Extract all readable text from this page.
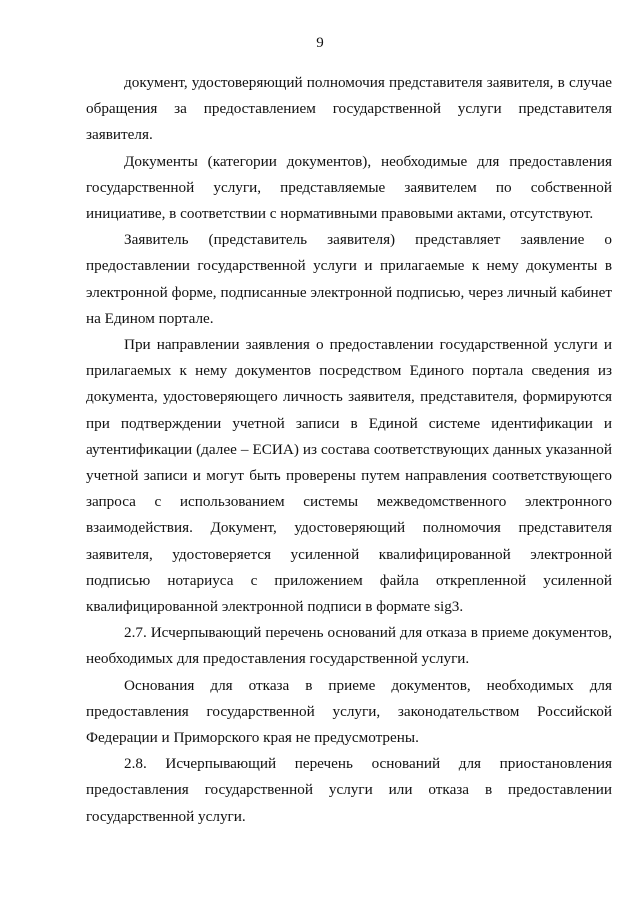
9

документ, удостоверяющий полномочия представителя заявителя, в случае обращения за предоставлением государственной услуги представителя заявителя.

Документы (категории документов), необходимые для предоставления государственной услуги, представляемые заявителем по собственной инициативе, в соответствии с нормативными правовыми актами, отсутствуют.

Заявитель (представитель заявителя) представляет заявление о предоставлении государственной услуги и прилагаемые к нему документы в электронной форме, подписанные электронной подписью, через личный кабинет на Едином портале.

При направлении заявления о предоставлении государственной услуги и прилагаемых к нему документов посредством Единого портала сведения из документа, удостоверяющего личность заявителя, представителя, формируются при подтверждении учетной записи в Единой системе идентификации и аутентификации (далее – ЕСИА) из состава соответствующих данных указанной учетной записи и могут быть проверены путем направления соответствующего запроса с использованием системы межведомственного электронного взаимодействия. Документ, удостоверяющий полномочия представителя заявителя, удостоверяется усиленной квалифицированной электронной подписью нотариуса с приложением файла открепленной усиленной квалифицированной электронной подписи в формате sig3.

2.7. Исчерпывающий перечень оснований для отказа в приеме документов, необходимых для предоставления государственной услуги.

Основания для отказа в приеме документов, необходимых для предоставления государственной услуги, законодательством Российской Федерации и Приморского края не предусмотрены.

2.8. Исчерпывающий перечень оснований для приостановления предоставления государственной услуги или отказа в предоставлении государственной услуги.
